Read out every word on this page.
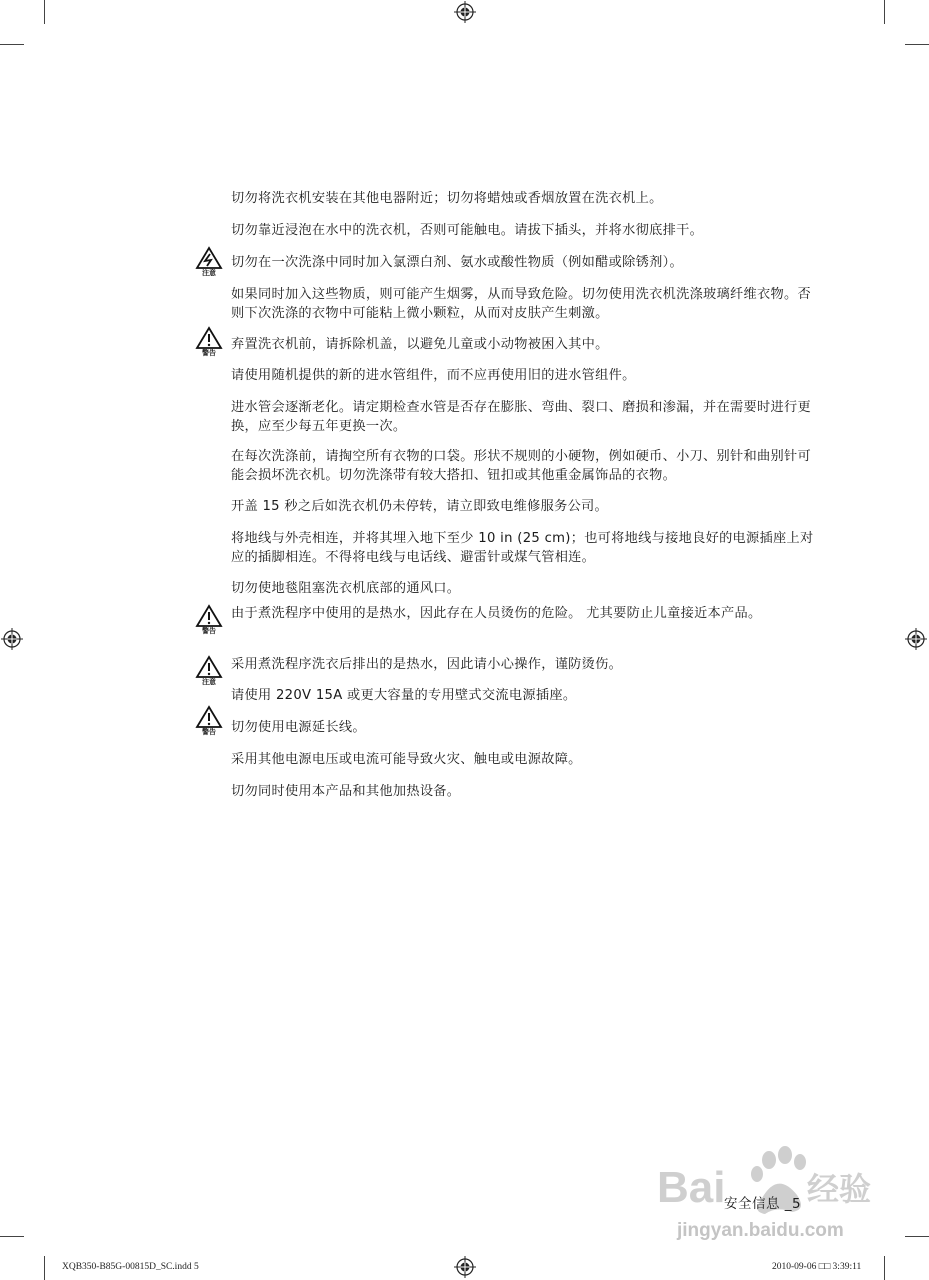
注意
警告
警告
注意
警告

切勿将洗衣机安装在其他电器附近；切勿将蜡烛或香烟放置在洗衣机上。

切勿靠近浸泡在水中的洗衣机，否则可能触电。请拔下插头，并将水彻底排干。

切勿在一次洗涤中同时加入氯漂白剂、氨水或酸性物质（例如醋或除锈剂）。

如果同时加入这些物质，则可能产生烟雾，从而导致危险。切勿使用洗衣机洗涤玻璃纤维衣物。否则下次洗涤的衣物中可能粘上微小颗粒，从而对皮肤产生刺激。

弃置洗衣机前，请拆除机盖，以避免儿童或小动物被困入其中。

请使用随机提供的新的进水管组件，而不应再使用旧的进水管组件。

进水管会逐渐老化。请定期检查水管是否存在膨胀、弯曲、裂口、磨损和渗漏，并在需要时进行更换，应至少每五年更换一次。

在每次洗涤前，请掏空所有衣物的口袋。形状不规则的小硬物，例如硬币、小刀、别针和曲别针可能会损坏洗衣机。切勿洗涤带有较大搭扣、钮扣或其他重金属饰品的衣物。

开盖 15 秒之后如洗衣机仍未停转，请立即致电维修服务公司。

将地线与外壳相连，并将其埋入地下至少 10 in (25 cm)；也可将地线与接地良好的电源插座上对应的插脚相连。不得将电线与电话线、避雷针或煤气管相连。

切勿使地毯阻塞洗衣机底部的通风口。

由于煮洗程序中使用的是热水，因此存在人员烫伤的危险。 尤其要防止儿童接近本产品。

采用煮洗程序洗衣后排出的是热水，因此请小心操作，谨防烫伤。

请使用 220V 15A 或更大容量的专用壁式交流电源插座。

切勿使用电源延长线。

采用其他电源电压或电流可能导致火灾、触电或电源故障。

切勿同时使用本产品和其他加热设备。

Bai	经验
jingyan.baidu.com
安全信息 _5
XQB350-B85G-00815D_SC.indd 5	2010-09-06 □□ 3:39:11
